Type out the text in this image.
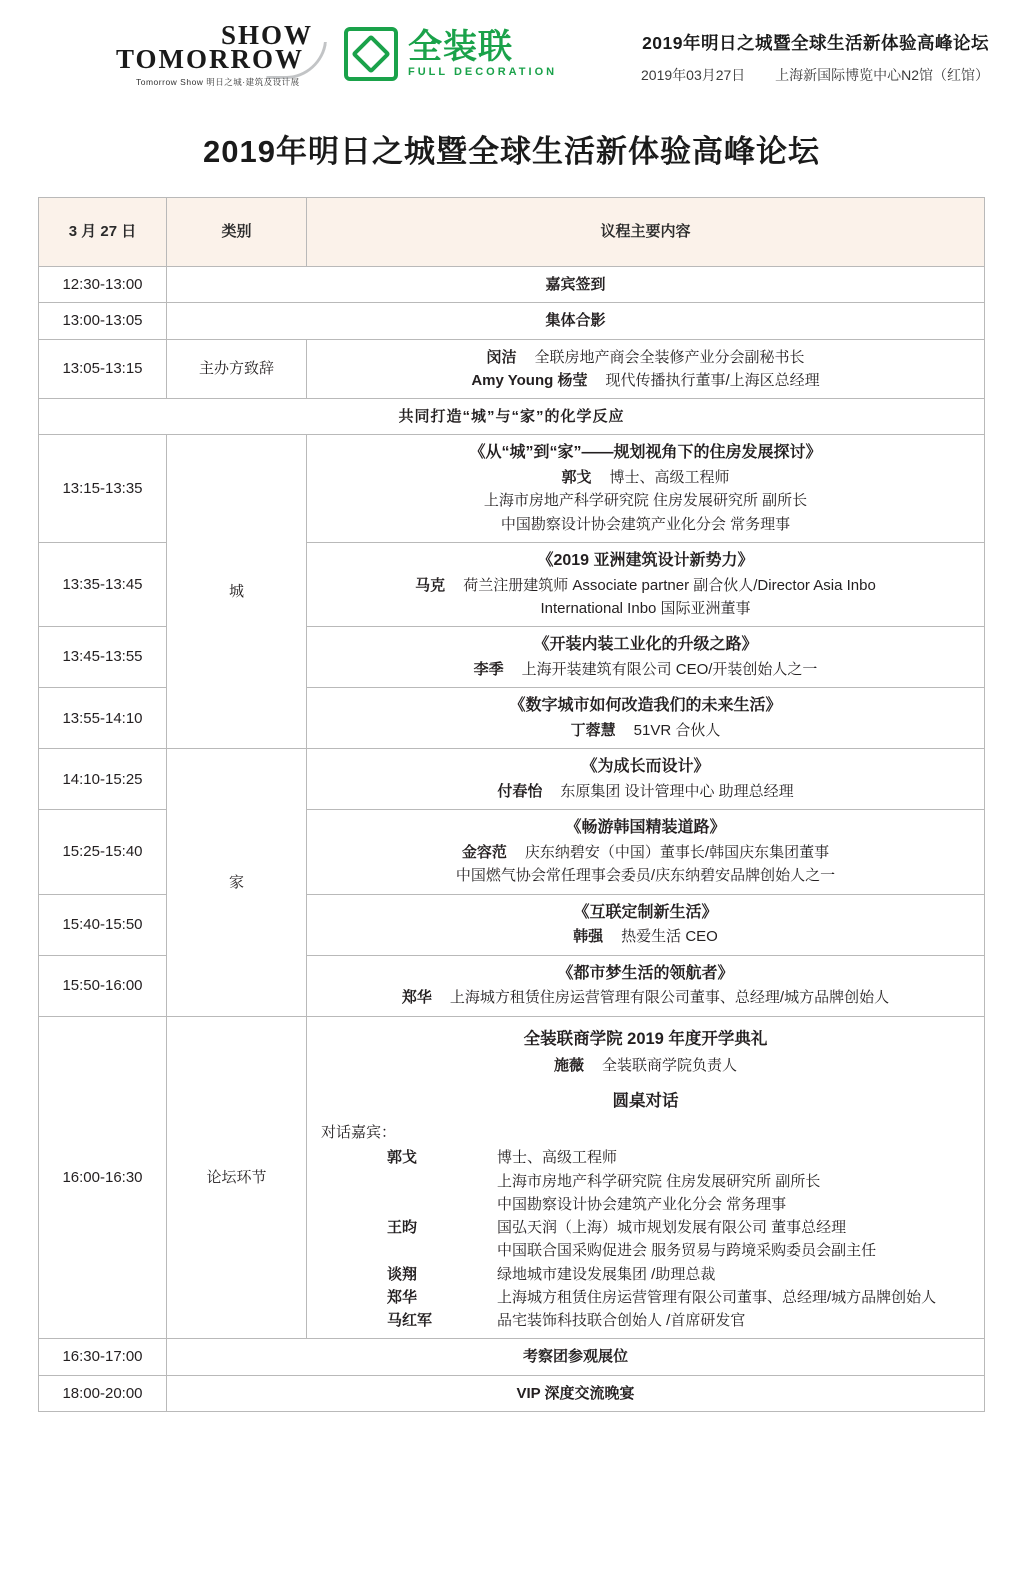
SHOW
TOMORROW
Tomorrow Show 明日之城·建筑及设计展
全装联
FULL DECORATION
2019年明日之城暨全球生活新体验高峰论坛
2019年03月27日 上海新国际博览中心N2馆（红馆）
2019年明日之城暨全球生活新体验高峰论坛
3 月 27 日	类别	议程主要内容
12:30-13:00	嘉宾签到	
13:00-13:05	集体合影	
13:05-13:15	主办方致辞	闵洁 全联房地产商会全装修产业分会副秘书长
Amy Young 杨莹 现代传播执行董事/上海区总经理

共同打造“城”与“家”的化学反应		
13:15-13:35	城	《从“城”到“家”——规划视角下的住房发展探讨》
郭戈 博士、高级工程师
上海市房地产科学研究院 住房发展研究所 副所长
中国勘察设计协会建筑产业化分会 常务理事

13:35-13:45		《2019 亚洲建筑设计新势力》
马克 荷兰注册建筑师 Associate partner 副合伙人/Director Asia Inbo
International Inbo 国际亚洲董事

13:45-13:55		《开装内装工业化的升级之路》
李季 上海开装建筑有限公司 CEO/开装创始人之一

13:55-14:10		《数字城市如何改造我们的未来生活》
丁蓉慧 51VR 合伙人

14:10-15:25	家	《为成长而设计》
付春怡 东原集团 设计管理中心 助理总经理

15:25-15:40		《畅游韩国精装道路》
金容范 庆东纳碧安（中国）董事长/韩国庆东集团董事
中国燃气协会常任理事会委员/庆东纳碧安品牌创始人之一

15:40-15:50		《互联定制新生活》
韩强 热爱生活 CEO

15:50-16:00		《都市梦生活的领航者》
郑华 上海城方租赁住房运营管理有限公司董事、总经理/城方品牌创始人

16:00-16:30	论坛环节	
全装联商学院 2019 年度开学典礼
施薇 全装联商学院负责人
圆桌对话
对话嘉宾：
郭戈	博士、高级工程师
上海市房地产科学研究院 住房发展研究所 副所长
中国勘察设计协会建筑产业化分会 常务理事
王昀	国弘天润（上海）城市规划发展有限公司 董事总经理
中国联合国采购促进会 服务贸易与跨境采购委员会副主任
谈翔	绿地城市建设发展集团 /助理总裁
郑华	上海城方租赁住房运营管理有限公司董事、总经理/城方品牌创始人
马红军	品宅装饰科技联合创始人 /首席研发官

16:30-17:00	考察团参观展位	
18:00-20:00	VIP 深度交流晚宴	
